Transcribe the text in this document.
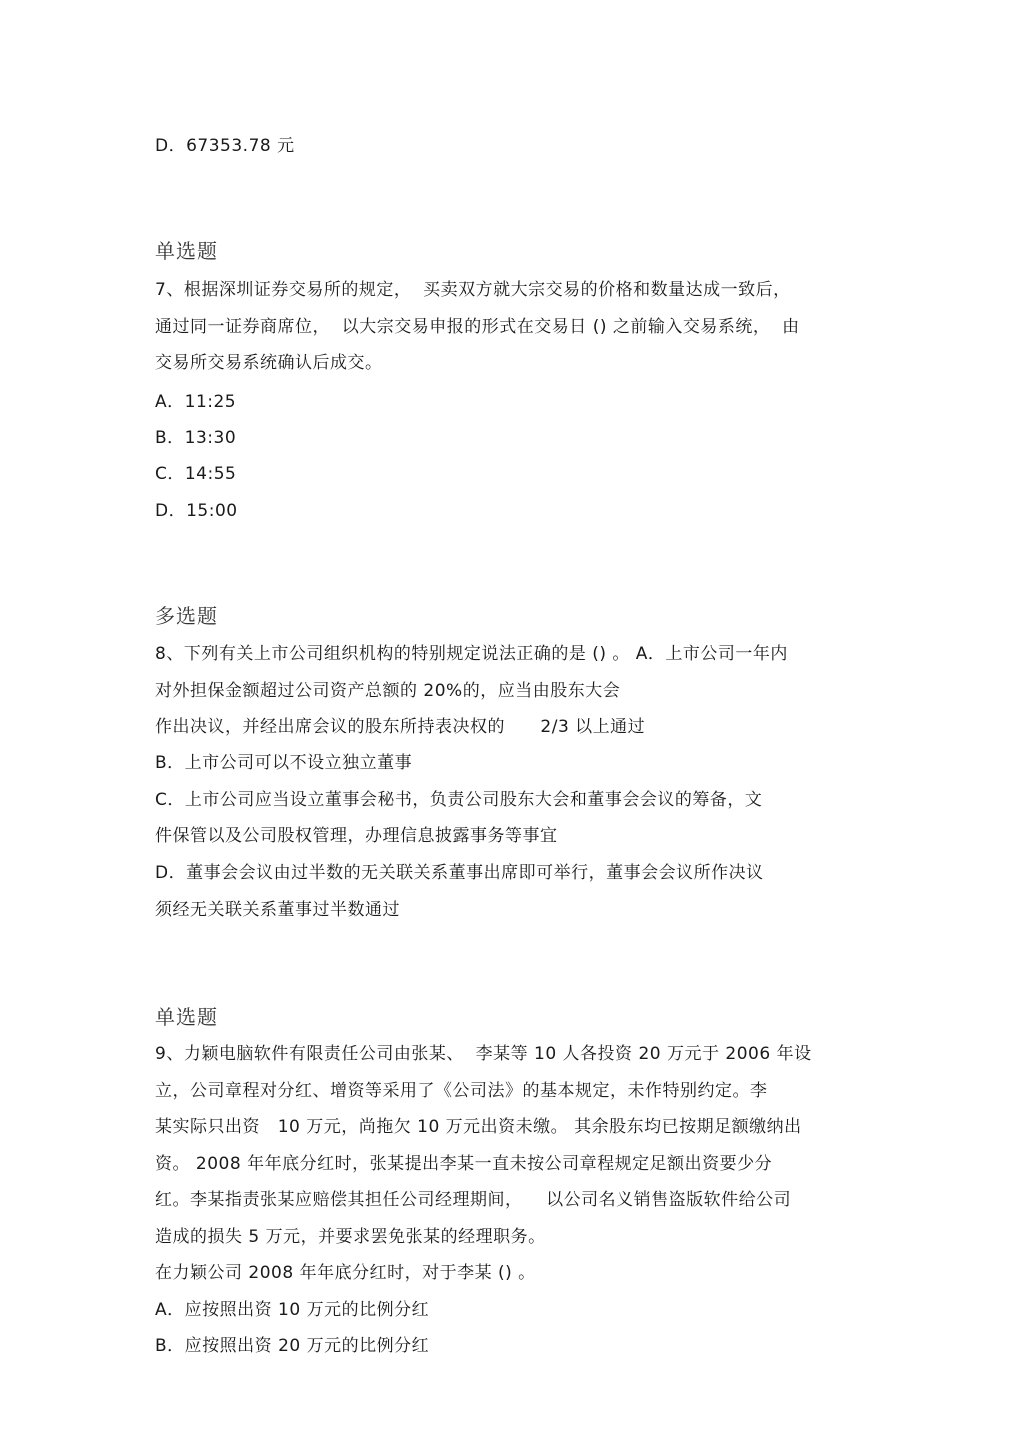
D．67353.78 元
单选题
7、根据深圳证券交易所的规定，  买卖双方就大宗交易的价格和数量达成一致后，
通过同一证券商席位，  以大宗交易申报的形式在交易日 () 之前输入交易系统，  由
交易所交易系统确认后成交。
A．11:25
B．13:30
C．14:55
D．15:00
多选题
8、下列有关上市公司组织机构的特别规定说法正确的是 () 。 A．上市公司一年内
对外担保金额超过公司资产总额的 20%的，应当由股东大会
作出决议，并经出席会议的股东所持表决权的      2/3 以上通过
B．上市公司可以不设立独立董事
C．上市公司应当设立董事会秘书，负责公司股东大会和董事会会议的筹备，文
件保管以及公司股权管理，办理信息披露事务等事宜
D．董事会会议由过半数的无关联关系董事出席即可举行，董事会会议所作决议
须经无关联关系董事过半数通过
单选题
9、力颖电脑软件有限责任公司由张某、  李某等 10 人各投资 20 万元于 2006 年设
立，公司章程对分红、增资等采用了《公司法》的基本规定，未作特别约定。李
某实际只出资   10 万元，尚拖欠 10 万元出资未缴。 其余股东均已按期足额缴纳出
资。 2008 年年底分红时，张某提出李某一直未按公司章程规定足额出资要少分
红。李某指责张某应赔偿其担任公司经理期间，    以公司名义销售盗版软件给公司
造成的损失 5 万元，并要求罢免张某的经理职务。
在力颖公司 2008 年年底分红时，对于李某 () 。
A．应按照出资 10 万元的比例分红
B．应按照出资 20 万元的比例分红
